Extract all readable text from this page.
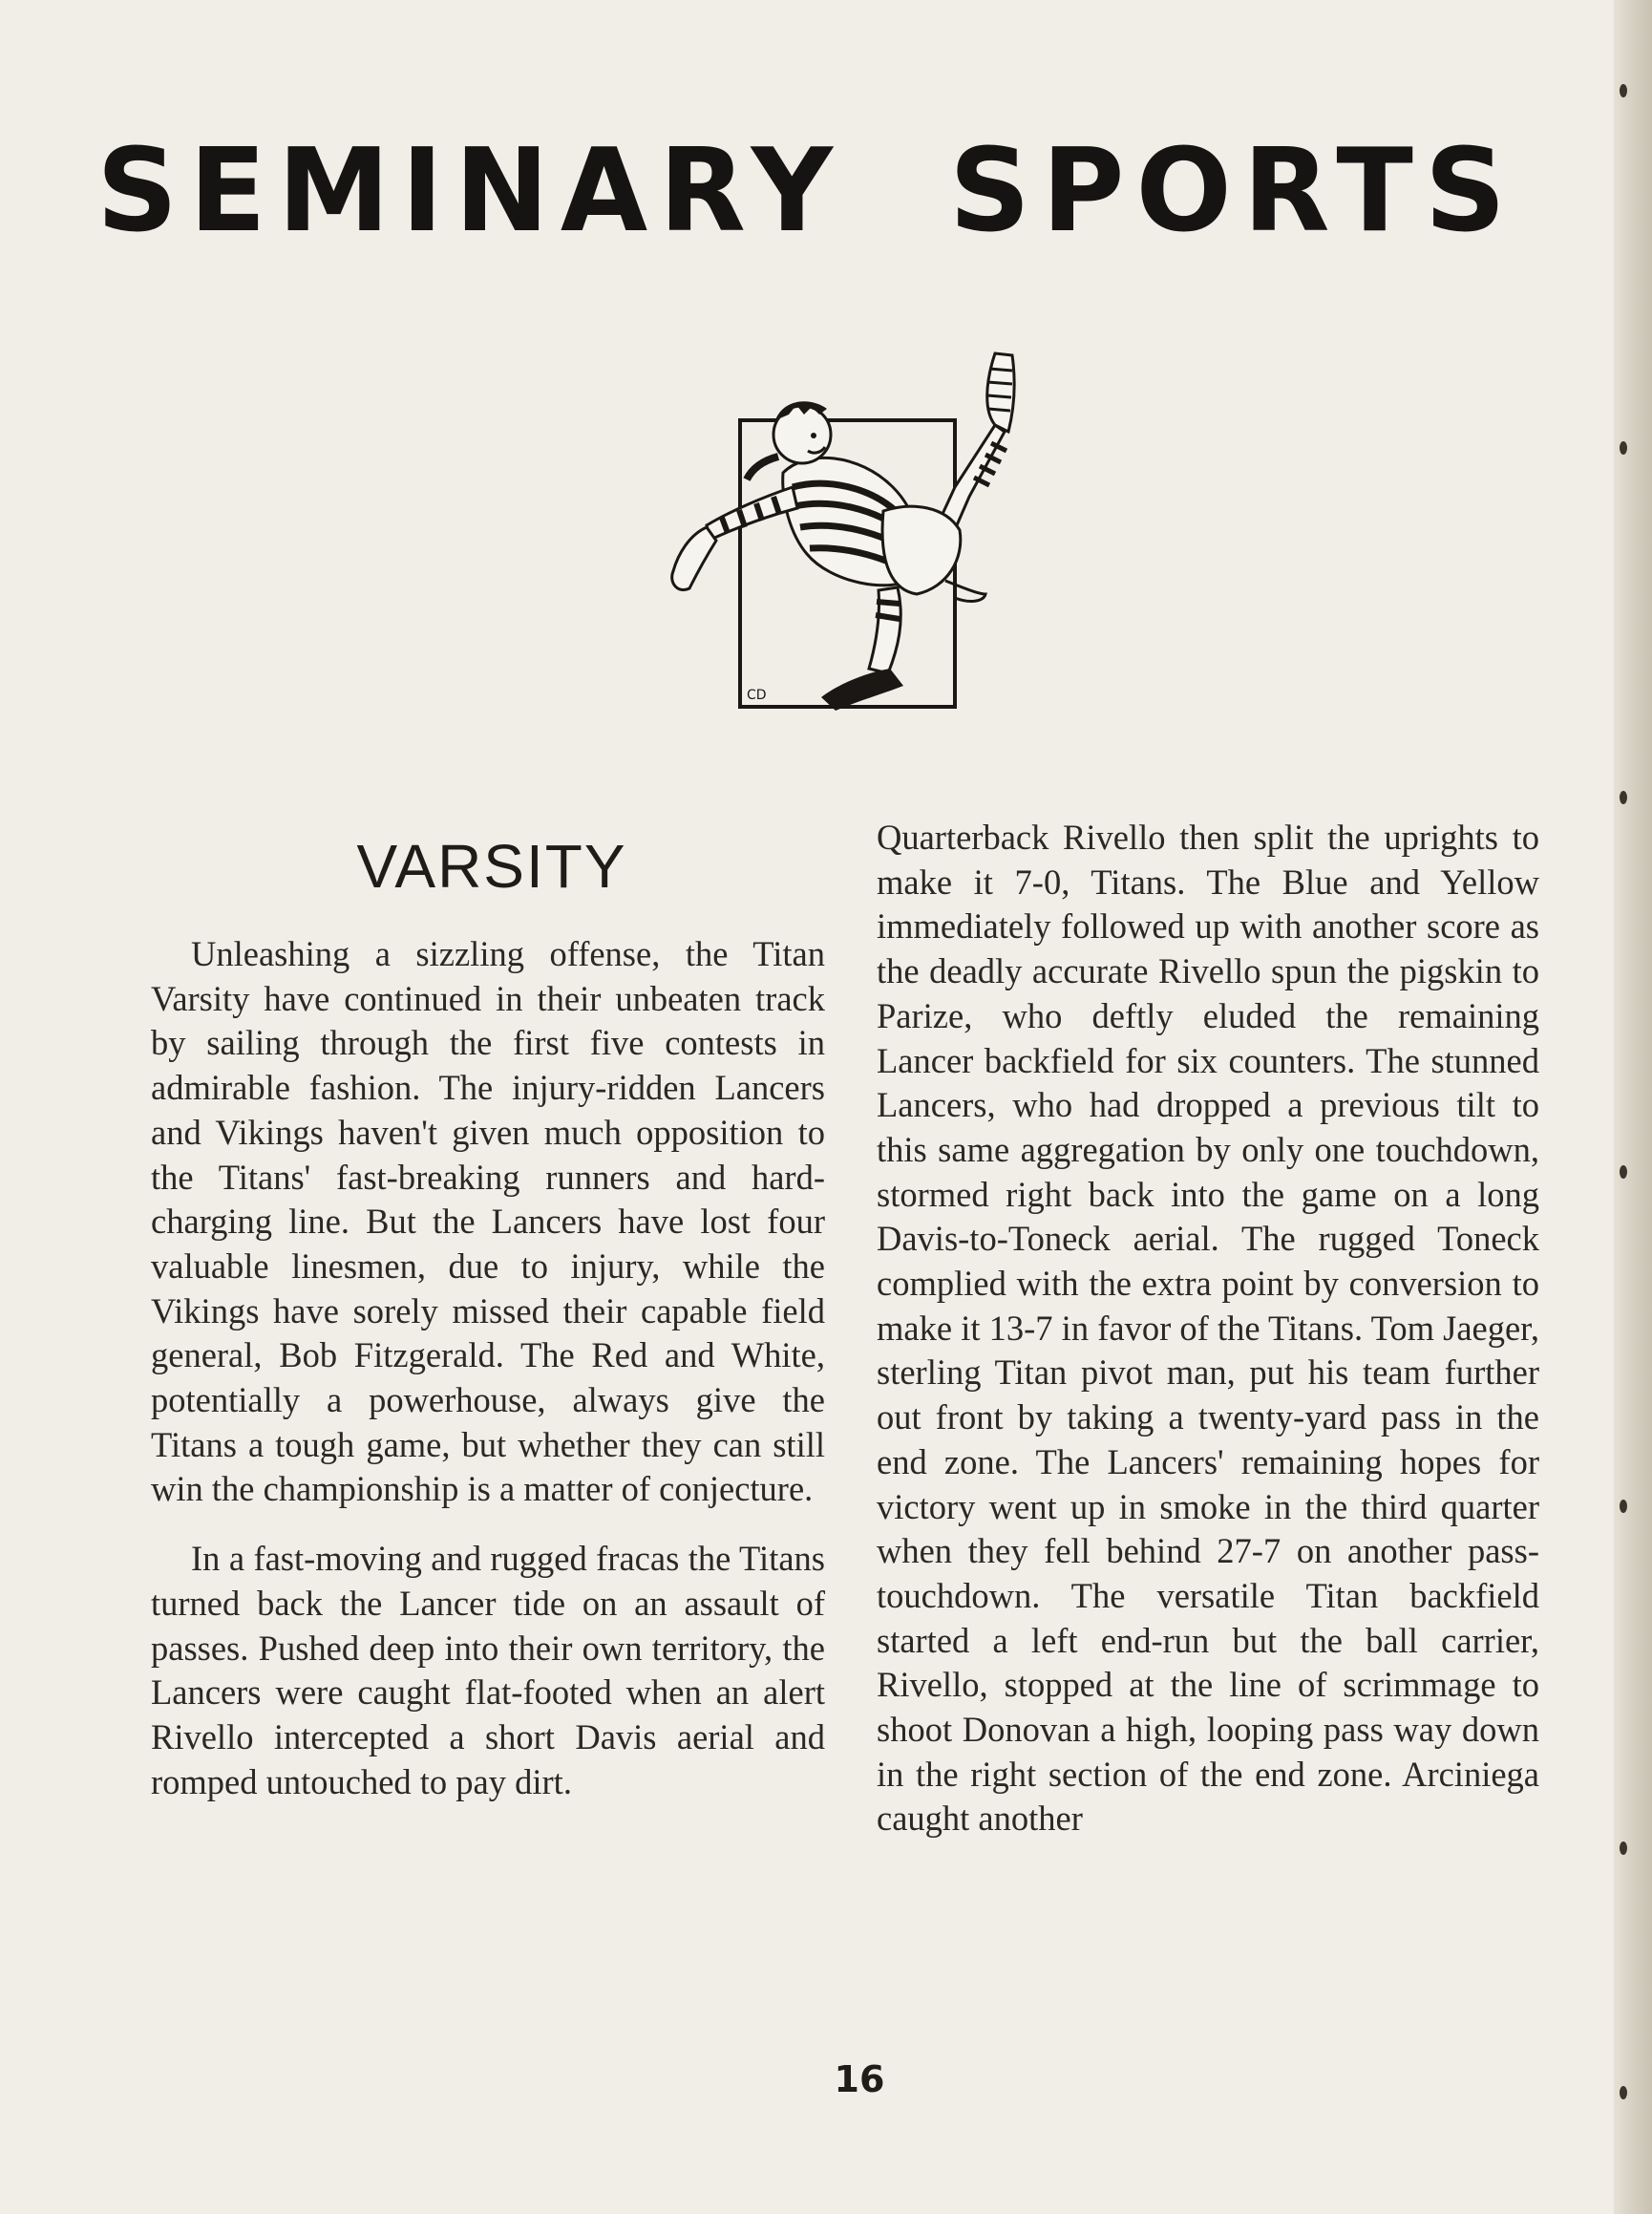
SEMINARY SPORTS
CD
VARSITY

Unleashing a sizzling offense, the Titan Varsity have continued in their unbeaten track by sailing through the first five contests in admirable fashion. The injury-ridden Lancers and Vikings haven't given much opposition to the Titans' fast-breaking runners and hard-charging line. But the Lancers have lost four valuable linesmen, due to injury, while the Vikings have sorely missed their capable field general, Bob Fitzgerald. The Red and White, potentially a powerhouse, always give the Titans a tough game, but whether they can still win the championship is a matter of conjecture.

In a fast-moving and rugged fracas the Titans turned back the Lancer tide on an assault of passes. Pushed deep into their own territory, the Lancers were caught flat-footed when an alert Rivello intercepted a short Davis aerial and romped untouched to pay dirt.

Quarterback Rivello then split the uprights to make it 7-0, Titans. The Blue and Yellow immediately followed up with another score as the deadly accurate Rivello spun the pigskin to Parize, who deftly eluded the remaining Lancer backfield for six counters. The stunned Lancers, who had dropped a previous tilt to this same aggregation by only one touchdown, stormed right back into the game on a long Davis-to-Toneck aerial. The rugged Toneck complied with the extra point by conversion to make it 13-7 in favor of the Titans. Tom Jaeger, sterling Titan pivot man, put his team further out front by taking a twenty-yard pass in the end zone. The Lancers' remaining hopes for victory went up in smoke in the third quarter when they fell behind 27-7 on another pass-touchdown. The versatile Titan backfield started a left end-run but the ball carrier, Rivello, stopped at the line of scrimmage to shoot Donovan a high, looping pass way down in the right section of the end zone. Arciniega caught another

16
